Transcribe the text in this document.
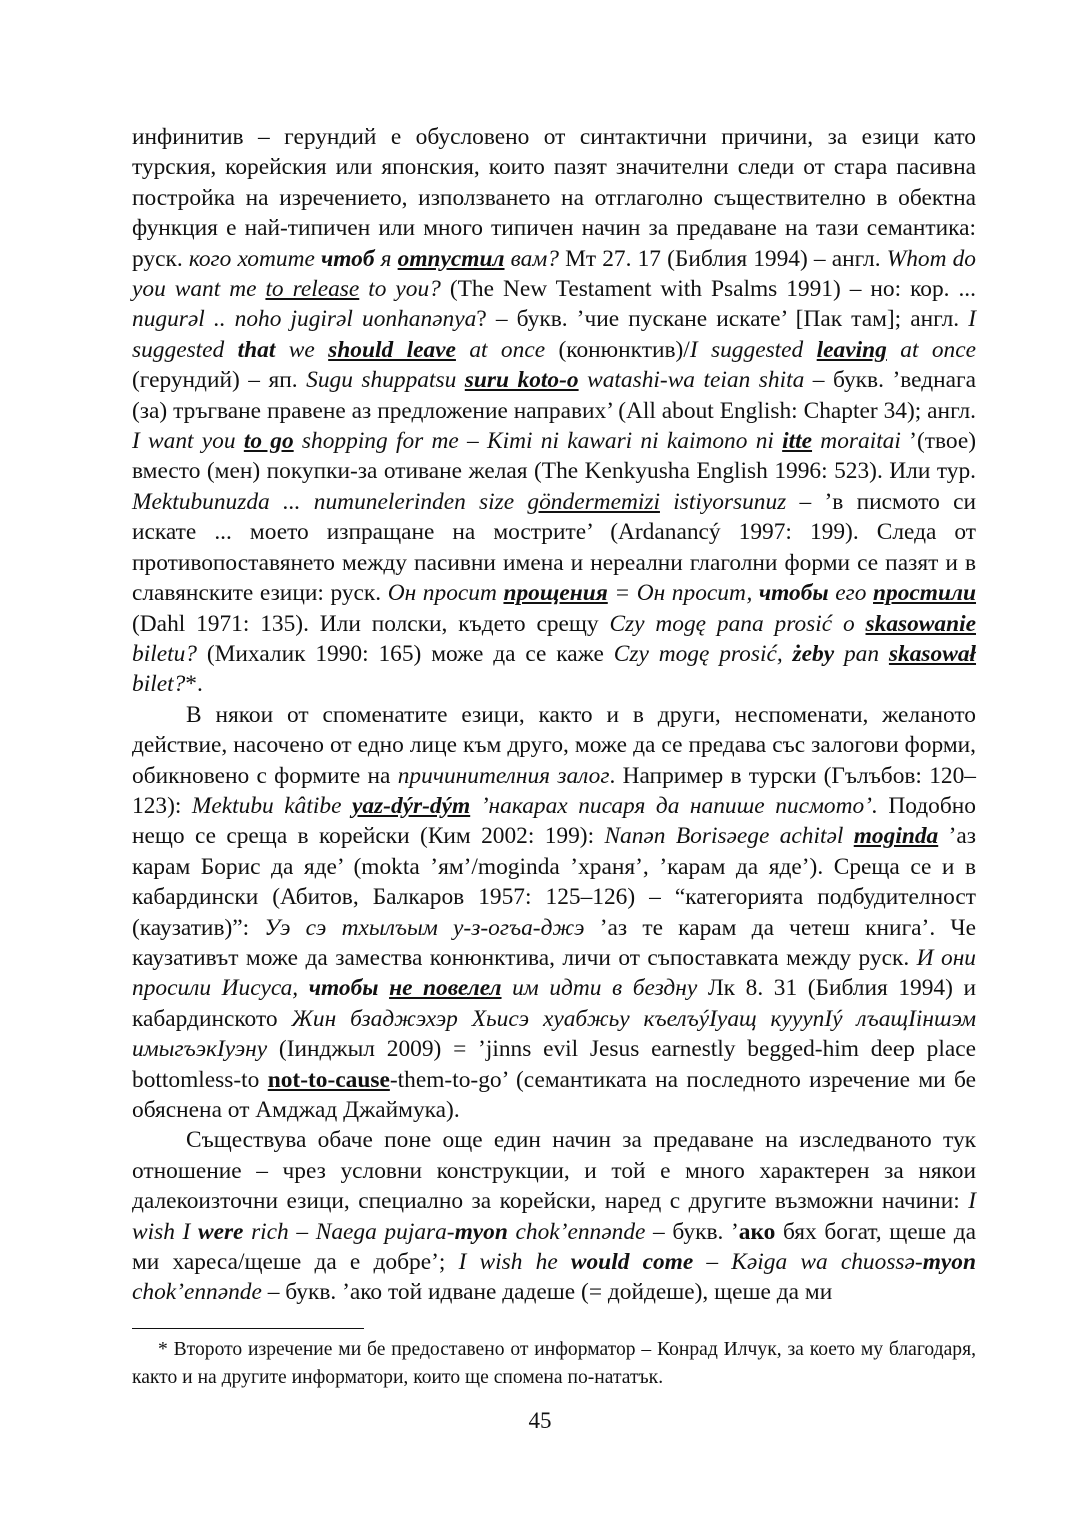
инфинитив – герундий е обусловено от синтактични причини, за езици като турския, корейския или японския, които пазят значителни следи от стара пасивна постройка на изречението, използването на отглаголно съществително в обектна функция е най-типичен или много типичен начин за предаване на тази семантика: руск. кого хотите чтоб я отпустил вам? Мт 27. 17 (Библия 1994) – англ. Whom do you want me to release to you? (The New Testament with Psalms 1991) – но: кор. ... nugurəl .. noho jugirəl uonhanənya? – букв. ’чие пускане искате’ [Пак там]; англ. I suggested that we should leave at once (конюнктив)/I suggested leaving at once (герундий) – яп. Sugu shuppatsu suru koto-o watashi-wa teian shita – букв. ’веднага (за) тръгване правене аз предложение направих’ (All about English: Chapter 34); англ. I want you to go shopping for me – Kimi ni kawari ni kaimono ni itte moraitai ’(твое) вместо (мен) покупки-за отиване желая (The Kenkyusha English 1996: 523). Или тур. Mektubunuzda ... numunelerinden size göndermemizi istiyorsunuz – ’в писмото си искате ... моето изпращане на мострите’ (Ardanancý 1997: 199). Следа от противопоставянето между пасивни имена и нереални глаголни форми се пазят и в славянските езици: руск. Он просит прощения = Он просит, чтобы его простили (Dahl 1971: 135). Или полски, където срещу Czy mogę pana prosić o skasowanie biletu? (Михалик 1990: 165) може да се каже Czy mogę prosić, żeby pan skasował bilet?*.

В някои от споменатите езици, както и в други, неспоменати, желаното действие, насочено от едно лице към друго, може да се предава със залогови форми, обикновено с формите на причинителния залог. Например в турски (Гълъбов: 120–123): Mektubu kâtibe yaz-dýr-dým ’накарах писаря да напише писмото’. Подобно нещо се среща в корейски (Ким 2002: 199): Nanən Borisəege achitəl moginda ’аз карам Борис да яде’ (mokta ’ям’/moginda ’храня’, ’карам да яде’). Среща се и в кабардински (Абитов, Балкаров 1957: 125–126) – “категорията подбудителност (каузатив)”: Уэ сэ тхылъым у-з-огъа-джэ ’аз те карам да четеш книга’. Че каузативът може да замества конюнктива, личи от съпоставката между руск. И они просили Иисуса, чтобы не повелел им идти в бездну Лк 8. 31 (Библия 1994) и кабардинското Жин бзаджэхэр Хьисэ хуабжьу къелъýIуащ кууупIý лъащIiншэм имыгъэкIуэну (Iинджыл 2009) = ’jinns evil Jesus earnestly begged-him deep place bottomless-to not-to-cause-them-to-go’ (семантиката на последното изречение ми бе обяснена от Амджад Джаймука).

Съществува обаче поне още един начин за предаване на изследваното тук отношение – чрез условни конструкции, и той е много характерен за някои далекоизточни езици, специално за корейски, наред с другите възможни начини: I wish I were rich – Naega pujara-myon chok’ennənde – букв. ’ако бях богат, щеше да ми хареса/щеше да е добре’; I wish he would come – Kəiga wa chuossə-myon chok’ennənde – букв. ’ако той идване дадеше (= дойдеше), щеше да ми

* Второто изречение ми бе предоставено от информатор – Конрад Илчук, за което му благодаря, както и на другите информатори, които ще спомена по-нататък.

45
